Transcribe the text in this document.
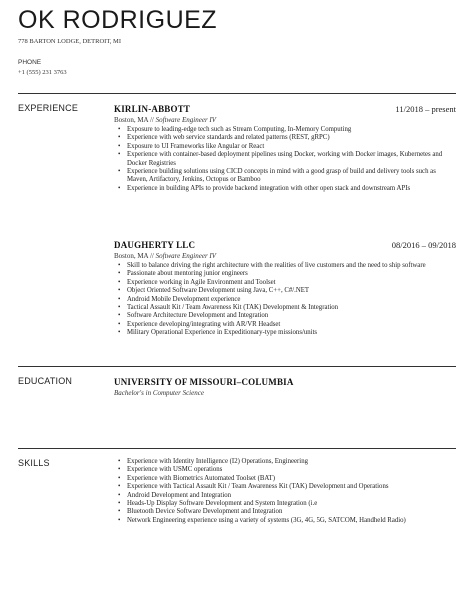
OK RODRIGUEZ
778 BARTON LODGE, DETROIT, MI
PHONE
+1 (555) 231 3763
EXPERIENCE	KIRLIN-ABBOTT	11/2018 – present
Boston, MA // Software Engineer IV
• Exposure to leading-edge tech such as Stream Computing, In-Memory Computing
• Experience with web service standards and related patterns (REST, gRPC)
• Exposure to UI Frameworks like Angular or React
• Experience with container-based deployment pipelines using Docker, working with Docker images, Kubernetes and Docker Registries
• Experience building solutions using CICD concepts in mind with a good grasp of build and delivery tools such as Maven, Artifactory, Jenkins, Octopus or Bamboo
• Experience in building APIs to provide backend integration with other open stack and downstream APIs
DAUGHERTY LLC	08/2016 – 09/2018
Boston, MA // Software Engineer IV
• Skill to balance driving the right architecture with the realities of live customers and the need to ship software
• Passionate about mentoring junior engineers
• Experience working in Agile Environment and Toolset
• Object Oriented Software Development using Java, C++, C#/.NET
• Android Mobile Development experience
• Tactical Assault Kit / Team Awareness Kit (TAK) Development & Integration
• Software Architecture Development and Integration
• Experience developing/integrating with AR/VR Headset
• Military Operational Experience in Expeditionary-type missions/units
EDUCATION	UNIVERSITY OF MISSOURI–COLUMBIA
Bachelor's in Computer Science
SKILLS
•	Experience with Identity Intelligence (I2) Operations, Engineering
• Experience with USMC operations
• Experience with Biometrics Automated Toolset (BAT)
• Experience with Tactical Assault Kit / Team Awareness Kit (TAK) Development and Operations
• Android Development and Integration
• Heads-Up Display Software Development and System Integration (i.e
• Bluetooth Device Software Development and Integration
• Network Engineering experience using a variety of systems (3G, 4G, 5G, SATCOM, Handheld Radio)
